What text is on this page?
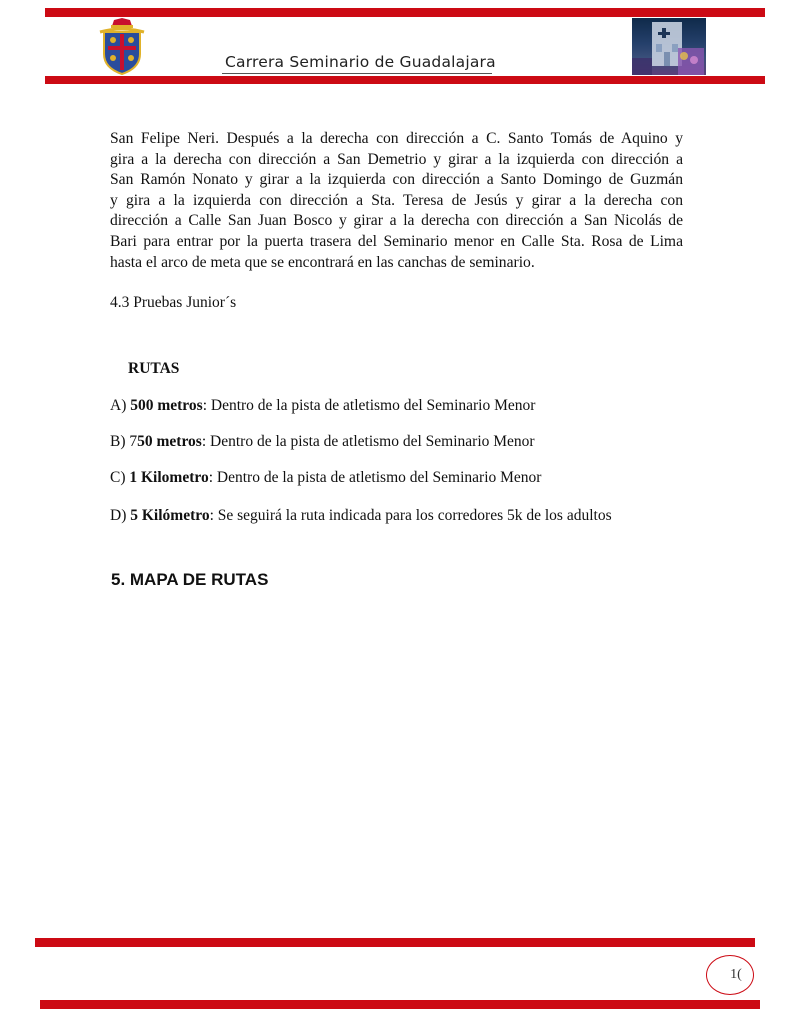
Carrera Seminario de Guadalajara
San Felipe Neri. Después a la derecha con dirección a C. Santo Tomás de Aquino y
gira a la derecha con dirección a San Demetrio y girar a la izquierda con dirección a
San Ramón Nonato y girar a la izquierda con dirección a Santo Domingo de Guzmán
y gira a la izquierda con dirección a Sta. Teresa de Jesús y girar a la derecha con
dirección a Calle San Juan Bosco y girar a la derecha con dirección a San Nicolás de
Bari para entrar por la puerta trasera del Seminario menor en Calle Sta. Rosa de Lima
hasta el arco de meta que se encontrará en las canchas de seminario.
4.3 Pruebas Junior´s
RUTAS
A) 500 metros: Dentro de la pista de atletismo del Seminario Menor
B) 750 metros: Dentro de la pista de atletismo del Seminario Menor
C) 1 Kilometro: Dentro de la pista de atletismo del Seminario Menor
D) 5 Kilómetro: Se seguirá la ruta indicada para los corredores 5k de los adultos
5. MAPA DE RUTAS
1(
